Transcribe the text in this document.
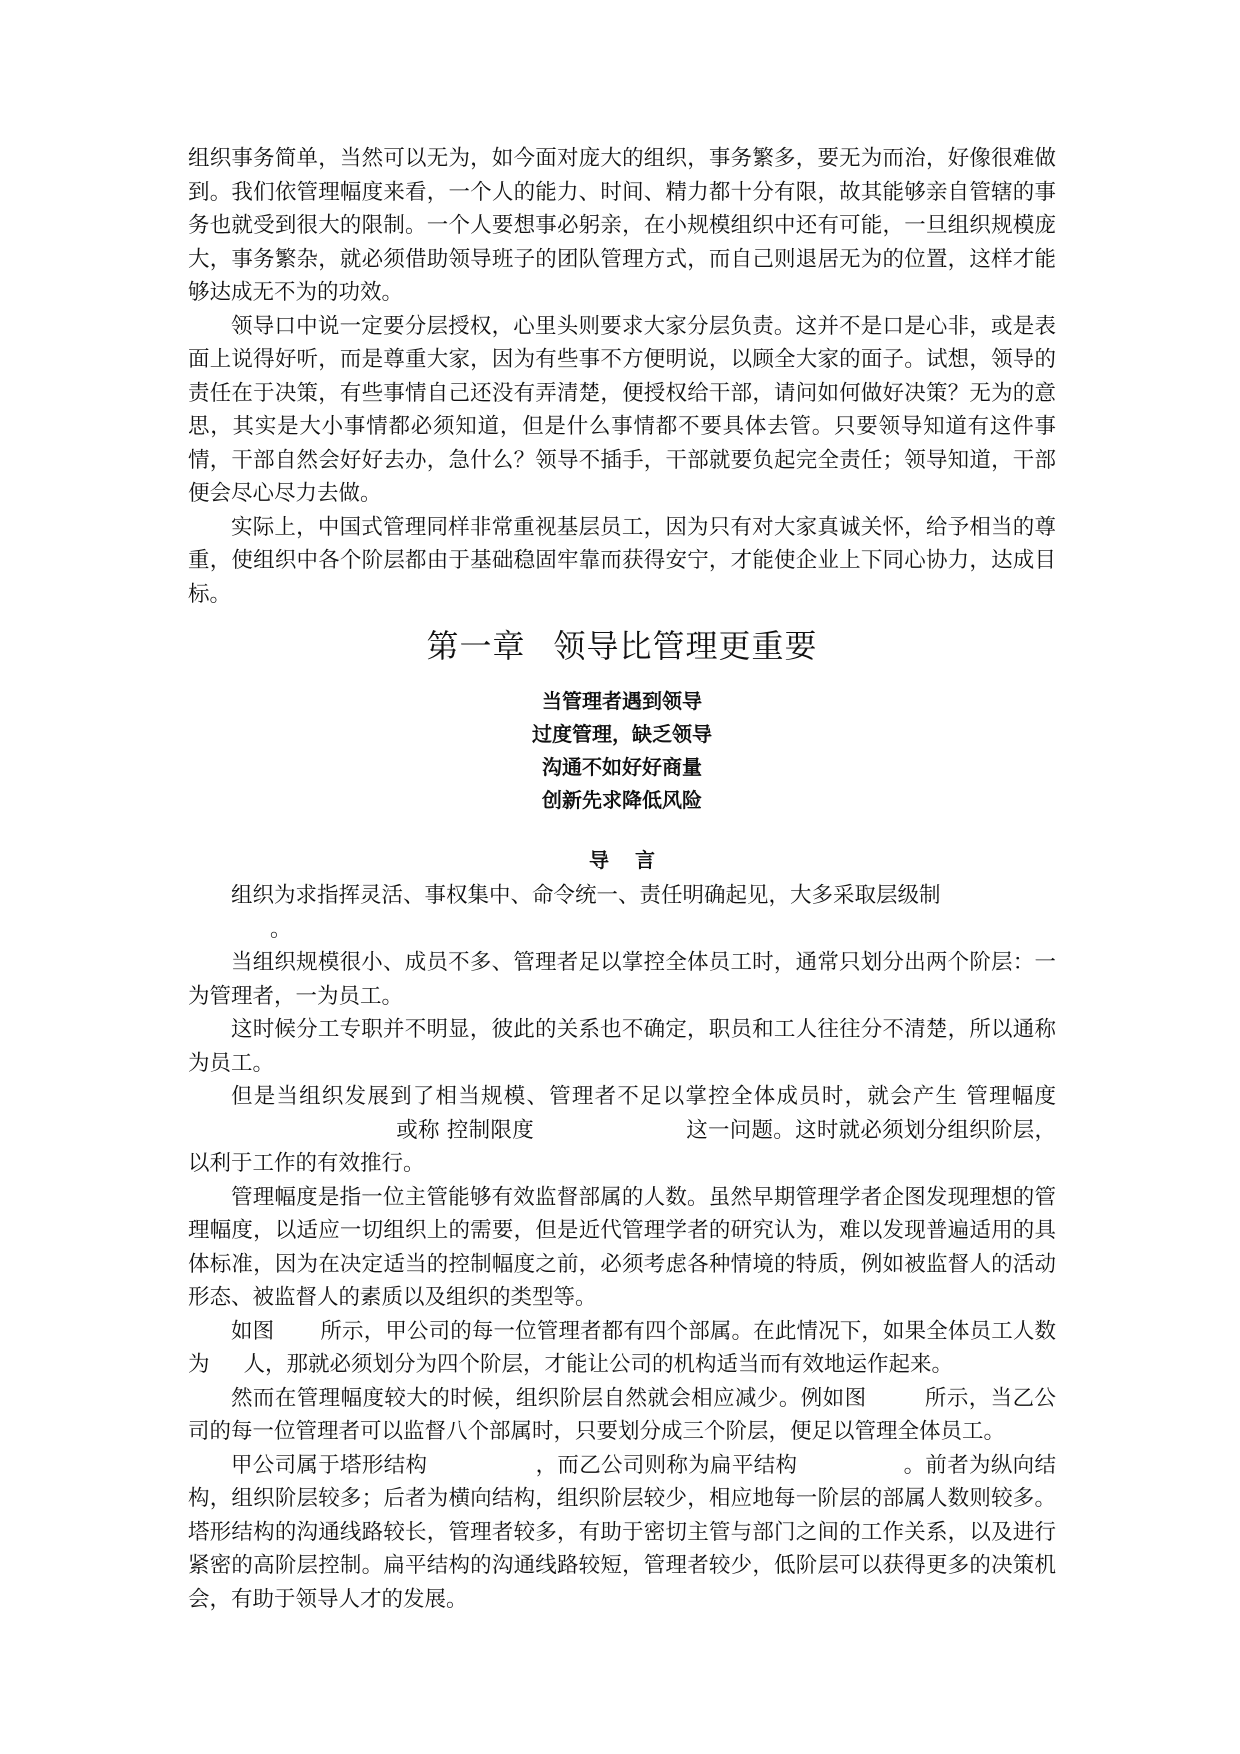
组织事务简单，当然可以无为，如今面对庞大的组织，事务繁多，要无为而治，好像很难做到。我们依管理幅度来看，一个人的能力、时间、精力都十分有限，故其能够亲自管辖的事务也就受到很大的限制。一个人要想事必躬亲，在小规模组织中还有可能，一旦组织规模庞大，事务繁杂，就必须借助领导班子的团队管理方式，而自己则退居无为的位置，这样才能够达成无不为的功效。

领导口中说一定要分层授权，心里头则要求大家分层负责。这并不是口是心非，或是表面上说得好听，而是尊重大家，因为有些事不方便明说，以顾全大家的面子。试想，领导的责任在于决策，有些事情自己还没有弄清楚，便授权给干部，请问如何做好决策？无为的意思，其实是大小事情都必须知道，但是什么事情都不要具体去管。只要领导知道有这件事情，干部自然会好好去办，急什么？领导不插手，干部就要负起完全责任；领导知道，干部便会尽心尽力去做。

实际上，中国式管理同样非常重视基层员工，因为只有对大家真诚关怀，给予相当的尊重，使组织中各个阶层都由于基础稳固牢靠而获得安宁，才能使企业上下同心协力，达成目标。

第一章 领导比管理更重要
当管理者遇到领导
过度管理，缺乏领导
沟通不如好好商量
创新先求降低风险
导言

组织为求指挥灵活、事权集中、命令统一、责任明确起见，大多采取层级制
。

当组织规模很小、成员不多、管理者足以掌控全体员工时，通常只划分出两个阶层：一为管理者，一为员工。

这时候分工专职并不明显，彼此的关系也不确定，职员和工人往往分不清楚，所以通称为员工。

但是当组织发展到了相当规模、管理者不足以掌控全体成员时，就会产生 管理幅度或称 控制限度	这一问题。这时就必须划分组织阶层，以利于工作的有效推行。

管理幅度是指一位主管能够有效监督部属的人数。虽然早期管理学者企图发现理想的管理幅度，以适应一切组织上的需要，但是近代管理学者的研究认为，难以发现普遍适用的具体标准，因为在决定适当的控制幅度之前，必须考虑各种情境的特质，例如被监督人的活动形态、被监督人的素质以及组织的类型等。

如图 所示，甲公司的每一位管理者都有四个部属。在此情况下，如果全体员工人数为 人，那就必须划分为四个阶层，才能让公司的机构适当而有效地运作起来。

然而在管理幅度较大的时候，组织阶层自然就会相应减少。例如图	所示，当乙公司的每一位管理者可以监督八个部属时，只要划分成三个阶层，便足以管理全体员工。

甲公司属于塔形结构	，而乙公司则称为扁平结构	。前者为纵向结构，组织阶层较多；后者为横向结构，组织阶层较少，相应地每一阶层的部属人数则较多。塔形结构的沟通线路较长，管理者较多，有助于密切主管与部门之间的工作关系，以及进行紧密的高阶层控制。扁平结构的沟通线路较短，管理者较少，低阶层可以获得更多的决策机会，有助于领导人才的发展。
